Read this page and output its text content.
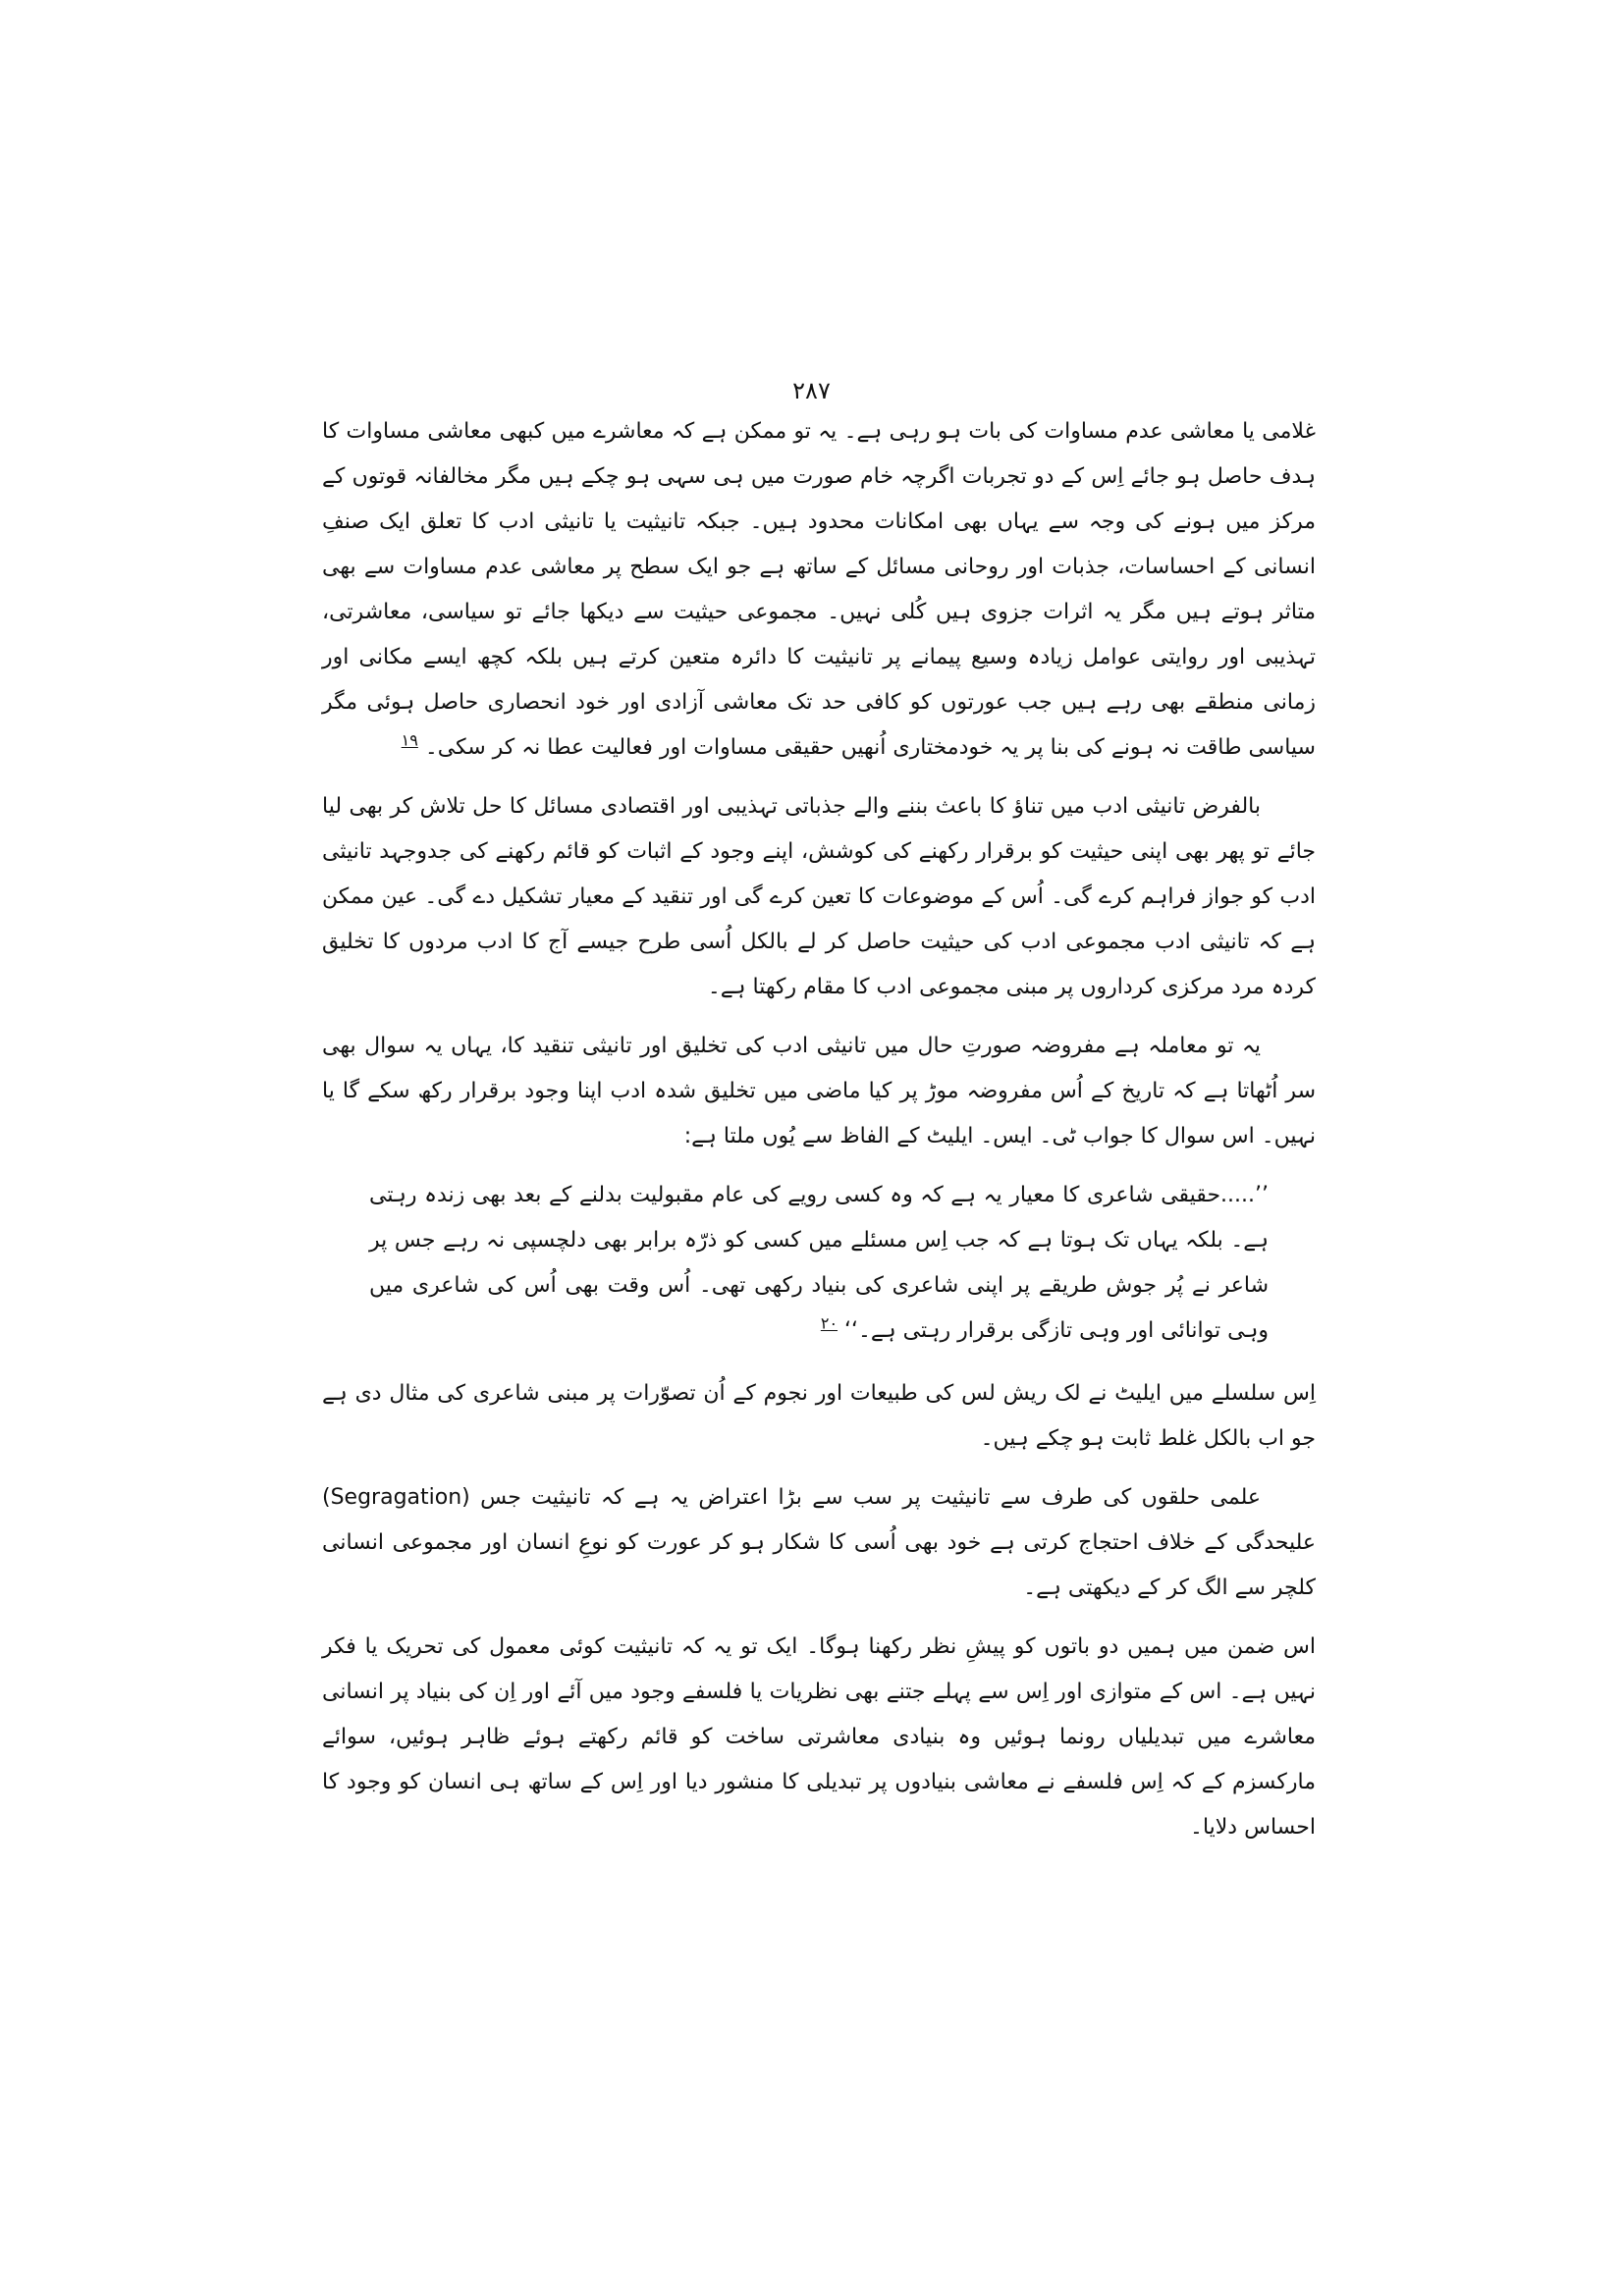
۲۸۷

غلامی یا معاشی عدم مساوات کی بات ہو رہی ہے۔ یہ تو ممکن ہے کہ معاشرے میں کبھی معاشی مساوات کا ہدف حاصل ہو جائے اِس کے دو تجربات اگرچہ خام صورت میں ہی سہی ہو چکے ہیں مگر مخالفانہ قوتوں کے مرکز میں ہونے کی وجہ سے یہاں بھی امکانات محدود ہیں۔ جبکہ تانیثیت یا تانیثی ادب کا تعلق ایک صنفِ انسانی کے احساسات، جذبات اور روحانی مسائل کے ساتھ ہے جو ایک سطح پر معاشی عدم مساوات سے بھی متاثر ہوتے ہیں مگر یہ اثرات جزوی ہیں کُلی نہیں۔ مجموعی حیثیت سے دیکھا جائے تو سیاسی، معاشرتی، تہذیبی اور روایتی عوامل زیادہ وسیع پیمانے پر تانیثیت کا دائرہ متعین کرتے ہیں بلکہ کچھ ایسے مکانی اور زمانی منطقے بھی رہے ہیں جب عورتوں کو کافی حد تک معاشی آزادی اور خود انحصاری حاصل ہوئی مگر سیاسی طاقت نہ ہونے کی بنا پر یہ خودمختاری اُنھیں حقیقی مساوات اور فعالیت عطا نہ کر سکی۔ $^{۱۹}$

بالفرض تانیثی ادب میں تناؤ کا باعث بننے والے جذباتی تہذیبی اور اقتصادی مسائل کا حل تلاش کر بھی لیا جائے تو پھر بھی اپنی حیثیت کو برقرار رکھنے کی کوشش، اپنے وجود کے اثبات کو قائم رکھنے کی جدوجہد تانیثی ادب کو جواز فراہم کرے گی۔ اُس کے موضوعات کا تعین کرے گی اور تنقید کے معیار تشکیل دے گی۔ عین ممکن ہے کہ تانیثی ادب مجموعی ادب کی حیثیت حاصل کر لے بالکل اُسی طرح جیسے آج کا ادب مردوں کا تخلیق کردہ مرد مرکزی کرداروں پر مبنی مجموعی ادب کا مقام رکھتا ہے۔

یہ تو معاملہ ہے مفروضہ صورتِ حال میں تانیثی ادب کی تخلیق اور تانیثی تنقید کا، یہاں یہ سوال بھی سر اُٹھاتا ہے کہ تاریخ کے اُس مفروضہ موڑ پر کیا ماضی میں تخلیق شدہ ادب اپنا وجود برقرار رکھ سکے گا یا نہیں۔ اس سوال کا جواب ٹی۔ ایس۔ ایلیٹ کے الفاظ سے یُوں ملتا ہے:

’’.....حقیقی شاعری کا معیار یہ ہے کہ وہ کسی رویے کی عام مقبولیت بدلنے کے بعد بھی زندہ رہتی ہے۔ بلکہ یہاں تک ہوتا ہے کہ جب اِس مسئلے میں کسی کو ذرّہ برابر بھی دلچسپی نہ رہے جس پر شاعر نے پُر جوش طریقے پر اپنی شاعری کی بنیاد رکھی تھی۔ اُس وقت بھی اُس کی شاعری میں وہی توانائی اور وہی تازگی برقرار رہتی ہے۔‘‘ $^{۲۰}$

اِس سلسلے میں ایلیٹ نے لک ریش لس کی طبیعات اور نجوم کے اُن تصوّرات پر مبنی شاعری کی مثال دی ہے جو اب بالکل غلط ثابت ہو چکے ہیں۔

علمی حلقوں کی طرف سے تانیثیت پر سب سے بڑا اعتراض یہ ہے کہ تانیثیت جس (Segragation) علیحدگی کے خلاف احتجاج کرتی ہے خود بھی اُسی کا شکار ہو کر عورت کو نوعِ انسان اور مجموعی انسانی کلچر سے الگ کر کے دیکھتی ہے۔

اس ضمن میں ہمیں دو باتوں کو پیشِ نظر رکھنا ہوگا۔ ایک تو یہ کہ تانیثیت کوئی معمول کی تحریک یا فکر نہیں ہے۔ اس کے متوازی اور اِس سے پہلے جتنے بھی نظریات یا فلسفے وجود میں آئے اور اِن کی بنیاد پر انسانی معاشرے میں تبدیلیاں رونما ہوئیں وہ بنیادی معاشرتی ساخت کو قائم رکھتے ہوئے ظاہر ہوئیں، سوائے مارکسزم کے کہ اِس فلسفے نے معاشی بنیادوں پر تبدیلی کا منشور دیا اور اِس کے ساتھ ہی انسان کو وجود کا احساس دلایا۔
